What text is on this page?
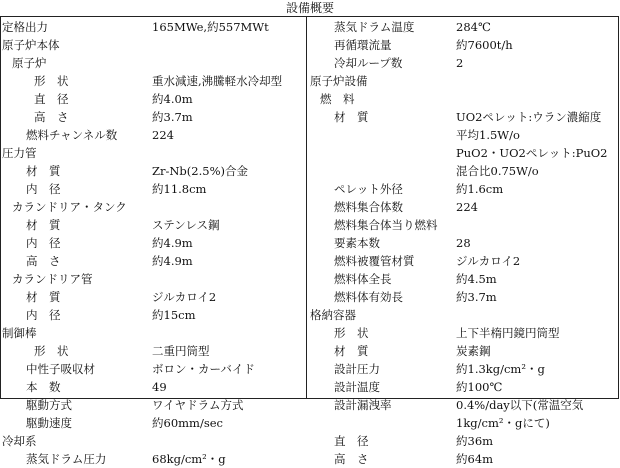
設備概要
定格出力	165MWe,約557MWt
原子炉本体
原子炉
形　状	重水減速,沸騰軽水冷却型
直　径	約4.0m
高　さ	約3.7m
燃料チャンネル数	224
圧力管
材　質	Zr-Nb(2.5%)合金
内　径	約11.8cm
カランドリア・タンク
材　質	ステンレス鋼
内　径	約4.9m
高　さ	約4.9m
カランドリア管
材　質	ジルカロイ2
内　径	約15cm
制御棒
形　状	二重円筒型
中性子吸収材	ボロン・カーバイド
本　数	49
駆動方式	ワイヤドラム方式
駆動速度	約60mm/sec
冷却系
蒸気ドラム圧力	68kg/cm²・g
蒸気ドラム温度	284℃
再循環流量	約7600t/h
冷却ループ数	2
原子炉設備
燃　料
材　質	UO2ペレット:ウラン濃縮度
平均1.5W/o
PuO2・UO2ペレット:PuO2
混合比0.75W/o
ペレット外径	約1.6cm
燃料集合体数	224
燃料集合体当り燃料
要素本数	28
燃料被覆管材質	ジルカロイ2
燃料体全長	約4.5m
燃料体有効長	約3.7m
格納容器
形　状	上下半楕円鏡円筒型
材　質	炭素鋼
設計圧力	約1.3kg/cm²・g
設計温度	約100℃
設計漏洩率	0.4%/day以下(常温空気
1kg/cm²・gにて)
直　径	約36m
高　さ	約64m
